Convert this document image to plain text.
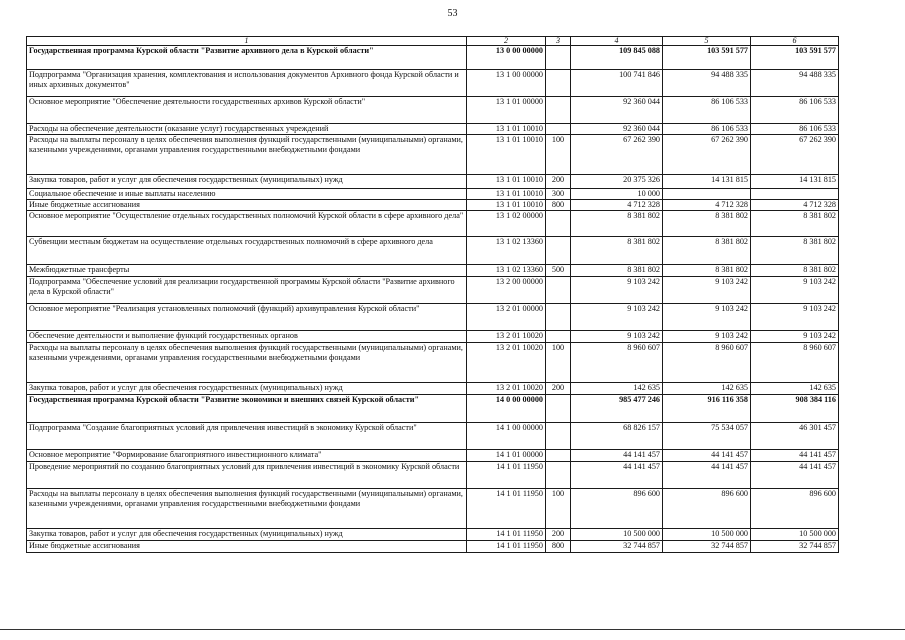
53
1	2	3	4	5	6
Государственная программа Курской области "Развитие архивного дела в Курской области"	13 0 00 00000		109 845 088	103 591 577	103 591 577
Подпрограмма "Организация хранения, комплектования и использования документов Архивного фонда Курской области и иных архивных документов"	13 1 00 00000		100 741 846	94 488 335	94 488 335
Основное мероприятие "Обеспечение деятельности государственных архивов Курской области"	13 1 01 00000		92 360 044	86 106 533	86 106 533
Расходы на обеспечение деятельности (оказание услуг) государственных учреждений	13 1 01 10010		92 360 044	86 106 533	86 106 533
Расходы на выплаты персоналу в целях обеспечения выполнения функций государственными (муниципальными) органами, казенными учреждениями, органами управления государственными внебюджетными фондами	13 1 01 10010	100	67 262 390	67 262 390	67 262 390
Закупка товаров, работ и услуг для обеспечения государственных (муниципальных) нужд	13 1 01 10010	200	20 375 326	14 131 815	14 131 815
Социальное обеспечение и иные выплаты населению	13 1 01 10010	300	10 000		
Иные бюджетные ассигнования	13 1 01 10010	800	4 712 328	4 712 328	4 712 328
Основное мероприятие "Осуществление отдельных государственных полномочий Курской области в сфере архивного дела"	13 1 02 00000		8 381 802	8 381 802	8 381 802
Субвенции местным бюджетам на осуществление отдельных государственных полномочий в сфере архивного дела	13 1 02 13360		8 381 802	8 381 802	8 381 802
Межбюджетные трансферты	13 1 02 13360	500	8 381 802	8 381 802	8 381 802
Подпрограмма "Обеспечение условий для реализации государственной программы Курской области "Развитие архивного дела в Курской области"	13 2 00 00000		9 103 242	9 103 242	9 103 242
Основное мероприятие "Реализация установленных полномочий (функций) архивуправления Курской области"	13 2 01 00000		9 103 242	9 103 242	9 103 242
Обеспечение деятельности и выполнение функций государственных органов	13 2 01 10020		9 103 242	9 103 242	9 103 242
Расходы на выплаты персоналу в целях обеспечения выполнения функций государственными (муниципальными) органами, казенными учреждениями, органами управления государственными внебюджетными фондами	13 2 01 10020	100	8 960 607	8 960 607	8 960 607
Закупка товаров, работ и услуг для обеспечения государственных (муниципальных) нужд	13 2 01 10020	200	142 635	142 635	142 635
Государственная программа Курской области "Развитие экономики и внешних связей Курской области"	14 0 00 00000		985 477 246	916 116 358	908 384 116
Подпрограмма "Создание благоприятных условий для привлечения инвестиций в экономику Курской области"	14 1 00 00000		68 826 157	75 534 057	46 301 457
Основное мероприятие "Формирование благоприятного инвестиционного климата"	14 1 01 00000		44 141 457	44 141 457	44 141 457
Проведение мероприятий по созданию благоприятных условий для привлечения инвестиций в экономику Курской области	14 1 01 11950		44 141 457	44 141 457	44 141 457
Расходы на выплаты персоналу в целях обеспечения выполнения функций государственными (муниципальными) органами, казенными учреждениями, органами управления государственными внебюджетными фондами	14 1 01 11950	100	896 600	896 600	896 600
Закупка товаров, работ и услуг для обеспечения государственных (муниципальных) нужд	14 1 01 11950	200	10 500 000	10 500 000	10 500 000
Иные бюджетные ассигнования	14 1 01 11950	800	32 744 857	32 744 857	32 744 857
